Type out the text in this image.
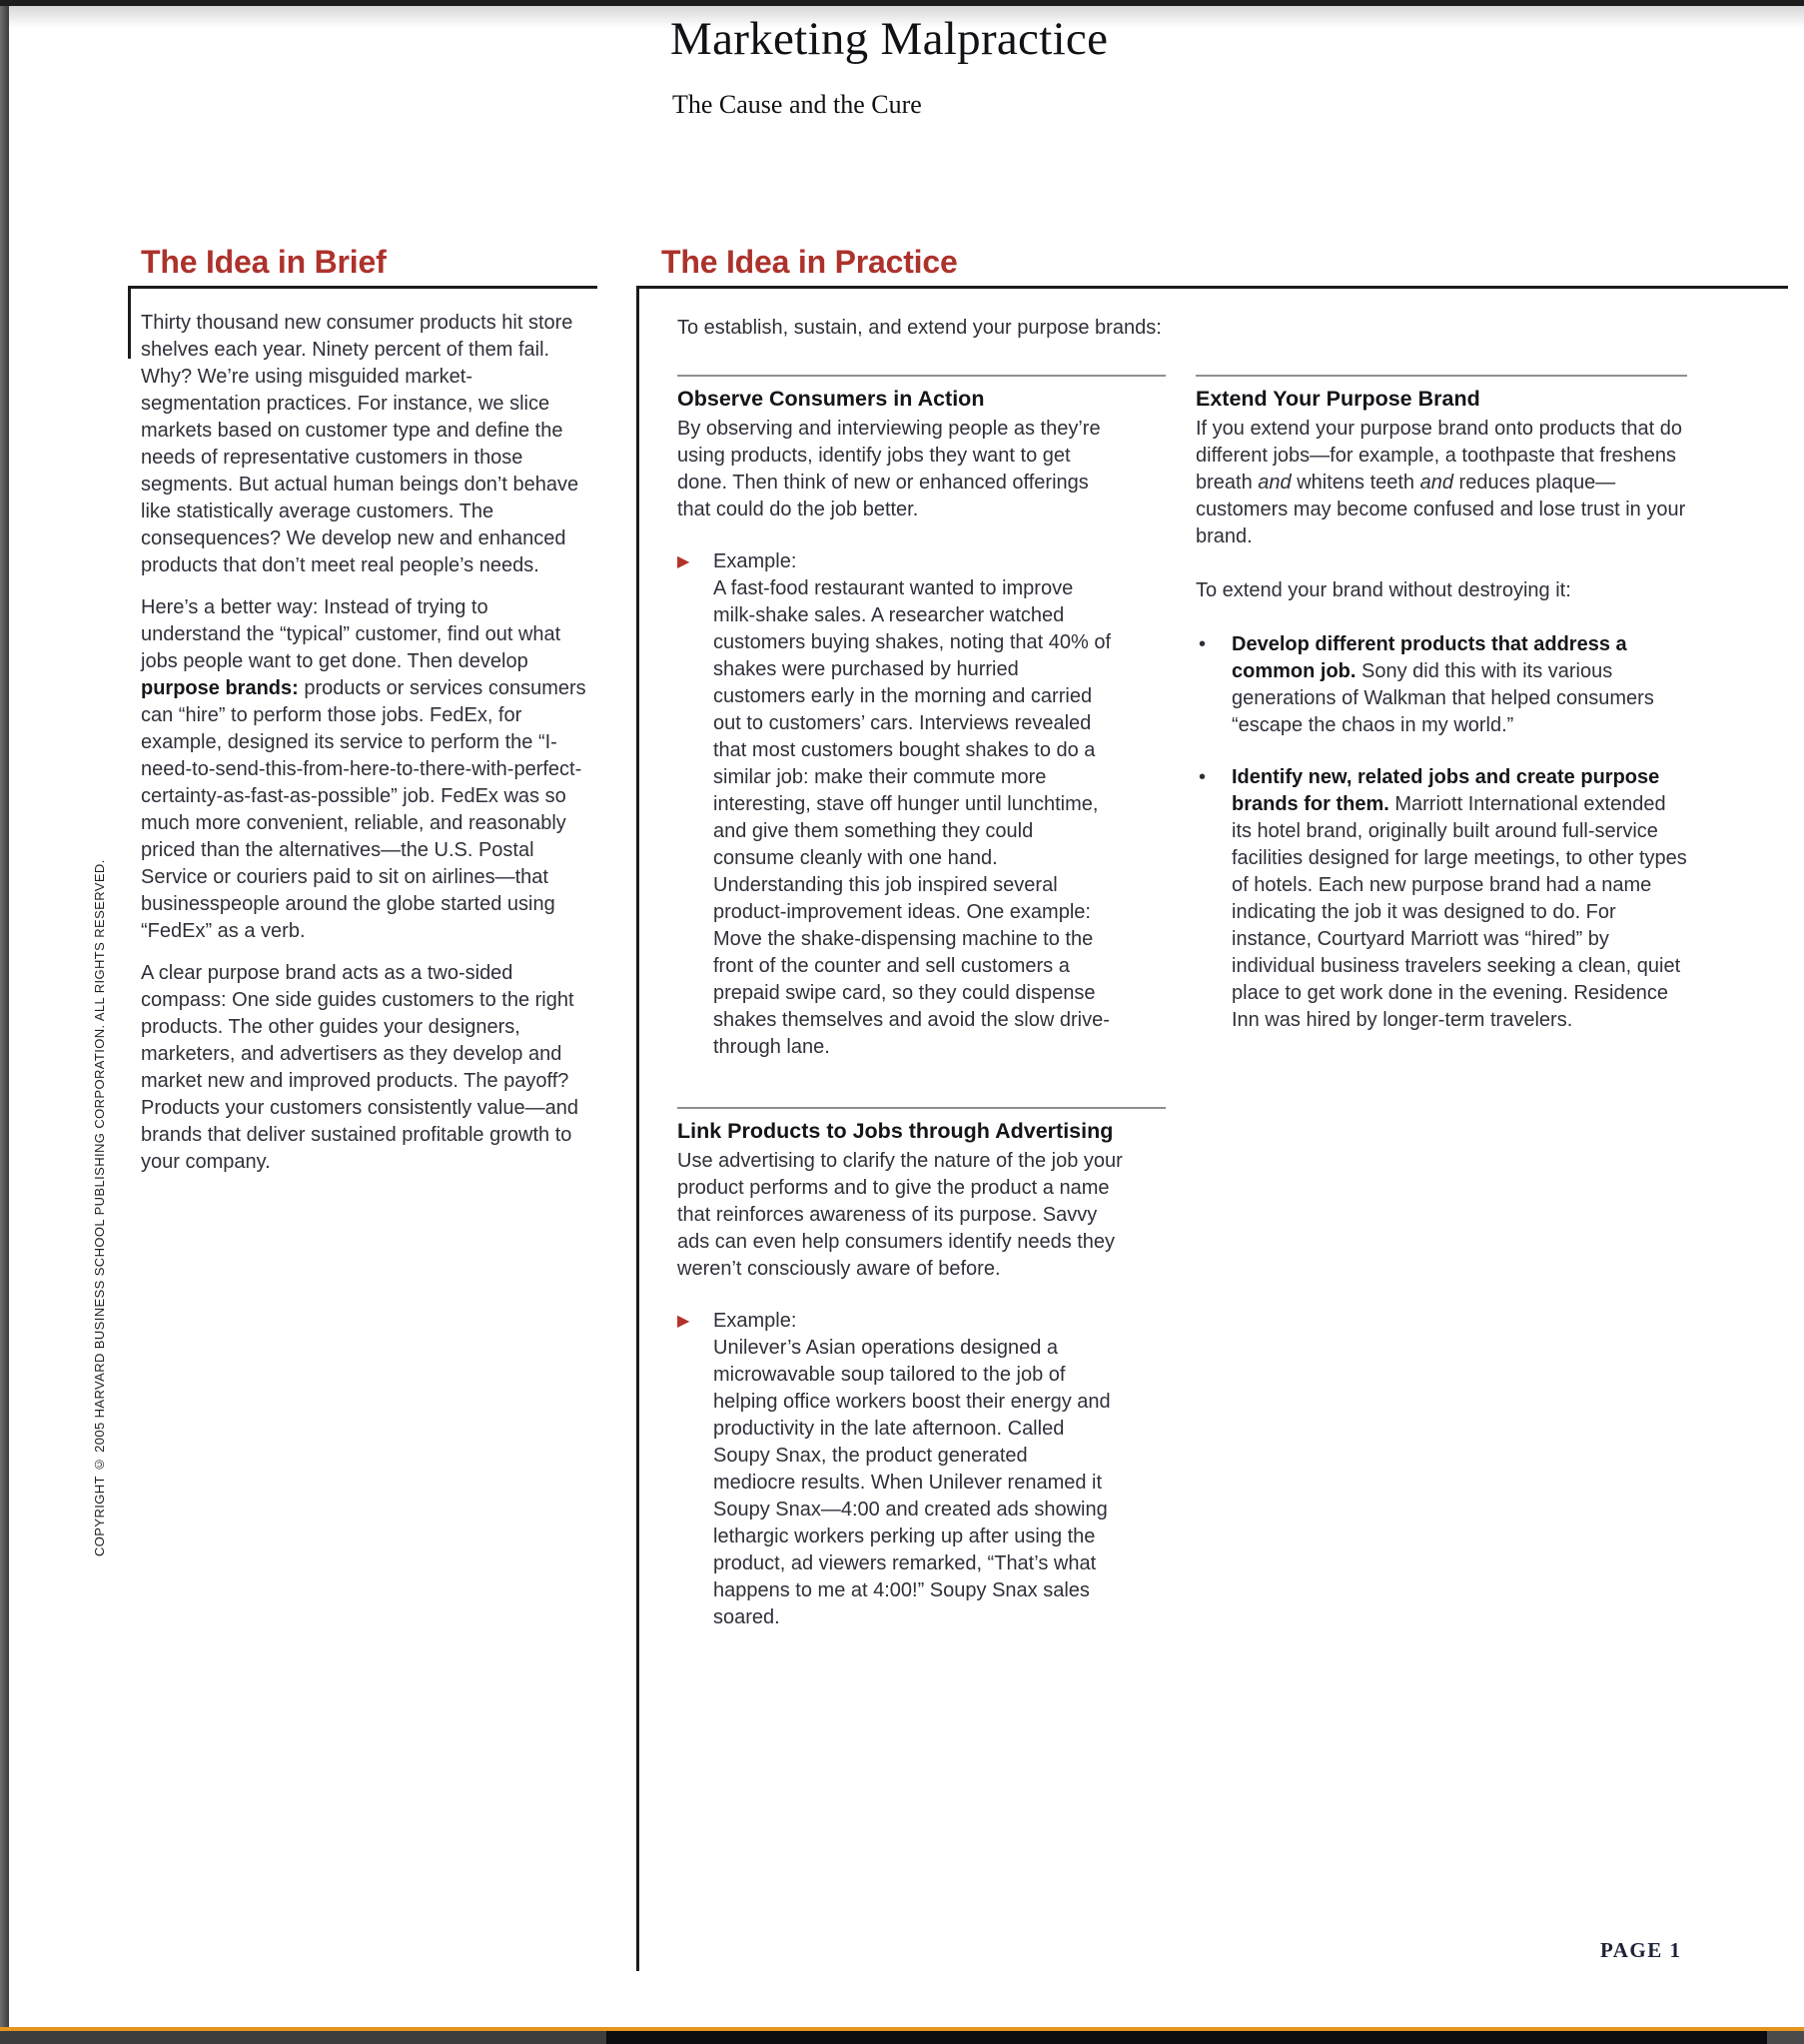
Marketing Malpractice
The Cause and the Cure
The Idea in Brief

Thirty thousand new consumer products hit store shelves each year. Ninety percent of them fail. Why? We’re using misguided market-segmentation practices. For instance, we slice markets based on customer type and define the needs of representative customers in those segments. But actual human beings don’t behave like statistically average customers. The consequences? We develop new and enhanced products that don’t meet real people’s needs.

Here’s a better way: Instead of trying to understand the “typical” customer, find out what jobs people want to get done. Then develop purpose brands: products or services consumers can “hire” to perform those jobs. FedEx, for example, designed its service to perform the “I-need-to-send-this-from-here-to-there-with-perfect-certainty-as-fast-as-possible” job. FedEx was so much more convenient, reliable, and reasonably priced than the alternatives—the U.S. Postal Service or couriers paid to sit on airlines—that businesspeople around the globe started using “FedEx” as a verb.

A clear purpose brand acts as a two-sided compass: One side guides customers to the right products. The other guides your designers, marketers, and advertisers as they develop and market new and improved products. The payoff? Products your customers consistently value—and brands that deliver sustained profitable growth to your company.

COPYRIGHT © 2005 HARVARD BUSINESS SCHOOL PUBLISHING CORPORATION. ALL RIGHTS RESERVED.
The Idea in Practice
To establish, sustain, and extend your purpose brands:
Observe Consumers in Action

By observing and interviewing people as they’re using products, identify jobs they want to get done. Then think of new or enhanced offerings that could do the job better.

▶	Example:

A fast-food restaurant wanted to improve milk-shake sales. A researcher watched customers buying shakes, noting that 40% of shakes were purchased by hurried customers early in the morning and carried out to customers’ cars. Interviews revealed that most customers bought shakes to do a similar job: make their commute more interesting, stave off hunger until lunchtime, and give them something they could consume cleanly with one hand. Understanding this job inspired several product-improvement ideas. One example: Move the shake-dispensing machine to the front of the counter and sell customers a prepaid swipe card, so they could dispense shakes themselves and avoid the slow drive-through lane.

Link Products to Jobs through Advertising

Use advertising to clarify the nature of the job your product performs and to give the product a name that reinforces awareness of its purpose. Savvy ads can even help consumers identify needs they weren’t consciously aware of before.

▶	Example:

Unilever’s Asian operations designed a microwavable soup tailored to the job of helping office workers boost their energy and productivity in the late afternoon. Called Soupy Snax, the product generated mediocre results. When Unilever renamed it Soupy Snax—4:00 and created ads showing lethargic workers perking up after using the product, ad viewers remarked, “That’s what happens to me at 4:00!” Soupy Snax sales soared.

Extend Your Purpose Brand

If you extend your purpose brand onto products that do different jobs—for example, a toothpaste that freshens breath and whitens teeth and reduces plaque—customers may become confused and lose trust in your brand.

To extend your brand without destroying it:

•	Develop different products that address a common job. Sony did this with its various generations of Walkman that helped consumers “escape the chaos in my world.”
•	Identify new, related jobs and create purpose brands for them. Marriott International extended its hotel brand, originally built around full-service facilities designed for large meetings, to other types of hotels. Each new purpose brand had a name indicating the job it was designed to do. For instance, Courtyard Marriott was “hired” by individual business travelers seeking a clean, quiet place to get work done in the evening. Residence Inn was hired by longer-term travelers.
PAGE 1
